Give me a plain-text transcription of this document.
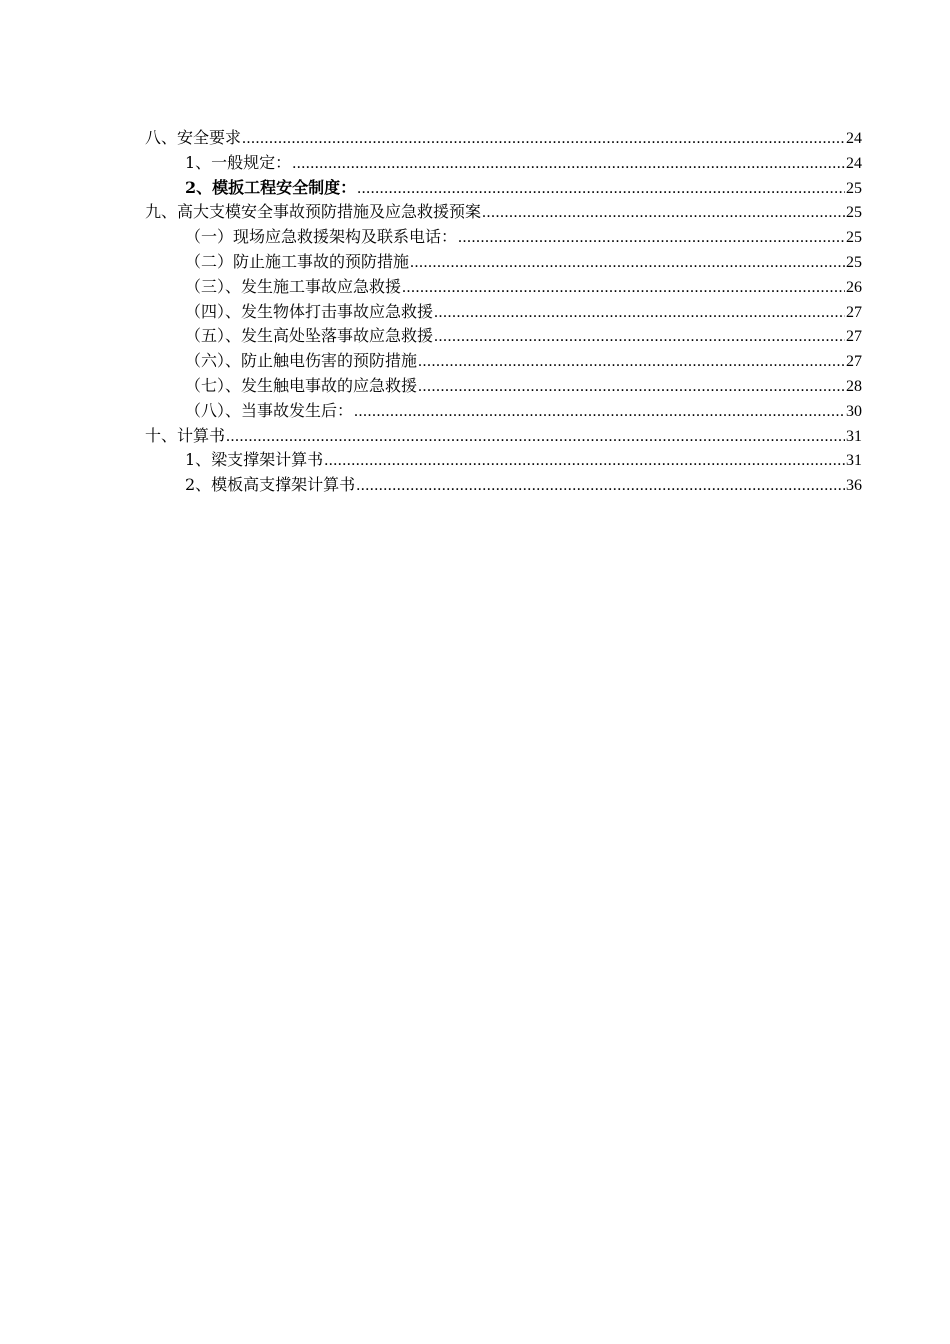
八、安全要求 .....	24
1、一般规定： .....	24
2、模扳工程安全制度： .....	25
九、高大支模安全事故预防措施及应急救援预案 .....	25
（一）现场应急救援架构及联系电话： .....	25
（二）防止施工事故的预防措施 .....	25
（三）、发生施工事故应急救援 .....	26
（四）、发生物体打击事故应急救援 .....	27
（五）、发生高处坠落事故应急救援 .....	27
（六）、防止触电伤害的预防措施 .....	27
（七）、发生触电事故的应急救援 .....	28
（八）、当事故发生后： .....	30
十、计算书 .....	31
1、梁支撑架计算书 .....	31
2、模板高支撑架计算书 .....	36
